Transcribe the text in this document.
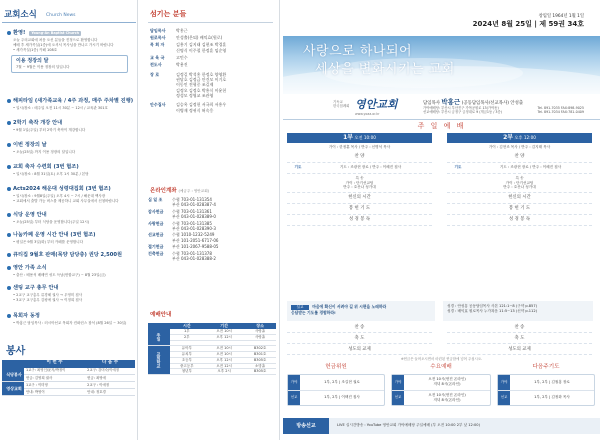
교회소식 Church News
환영! Young-An Baptist Church
오늘 주의교회에 처음 오신 분들을 진정으로 환영합니다
예배 후 새가족실(1층)에 오셔서 목사님을 만나고 가시기 바랍니다
• 새가족실(1층) 카페 108호
이용 정장의 달
7월 ~ 9월은 이용 정장의 달입니다
해피타임 (새가족교육 / 4주 과정, 매주 주차별 진행)
• 일시/장소 : 매주일 오전 11시 30분 ~ 12시 / 교육관 301호
2학기 축작 개강 안내
• 9월 1일(주일) 부터 2학기 축작이 개강합니다
이번 정장의 날
• 오늘(25일) 까지 이용 정장의 달입니다
교회 축자 수련회 (3번 협조)
• 일시/장소 : 8월 31일(토) 오후 1시 30분 / 본당
Acts2024 해운대 성령대집회 (3번 협조)
• 일시/장소 : 9월8일(주일) 오후 4시 ~ 7시 / 해운대 백사장
• 교회에서 출발 가능 버스를 제공하니 교회 사무실에서 신청바랍니다
식당 운영 안내
• 오늘(25일) 부터 식당을 운영합니다(주일 12시)
나눔카페 운영 시간 안내 (3번 협조)
• 평일은 9월 3일(화) 부터 카페를 운영합니다
큐티집 9월호 판매(목양 담당층) 권당 2,500원
영안 가족 소식
• 출산 : 배용석 배배연 성도 득남(헌합교구) ~ 8월 23일(금)
센팅 교구 총무 안내
• 2교구 교구총무 류경혜 권사 → 우영미 집사
• 3교구 교구총무 김평애 권사 → 이정희 집사
목회자 동정
• 박홍근 담임목사 : 러시아선교 목회자 컨퍼런스 참석 (8월 26일 ~ 30일)
봉사
	이 번 주	다 음 주
식당봉사	1교구: 최영인/윤자/박정이	2교구: 강미숙/이애정
	헌금: 김영희 권사	헌금: 최영애
영상교회	1교구 : 이미영	2교구 : 이애정
	안내: 박영이	안내: 정호경
섬기는 분들
담임목사	박홍근
원로목사	안성출(은퇴) 배익효(원로)
목 회 자	김흥기 김지태 김현조 박경훈
신명식 이주철 한정훈 임순영
교 육 국	고민수
전도사	박용진
장 로	김정길 박석홍 한정호 양영환
권달호 김정금 안건모 이기호
이동인 전형중 조길제
김정오 김정호 박흥식 이윤헌
정성모 정영교 조관영
안수집사	김승옥 김정헌 서국희 서흥우
이병재 정귀식 허숙웅
온라인계좌 (예금주 : 영안교회)
십 일 조	수협 703-01-131354
부산 043-01-028387-4
감사헌금	수협 703-01-131361
부산 043-01-028389-0
사랑헌금	수협 703-01-131385
부산 043-01-028390-3
선교헌금	수협 1010-1232-5249
부산 101-2051-6717-06
절기헌금	부산 101-2067-9588-05
건축헌금	수협 703-01-131378
부산 043-01-028388-2
예배안내
	시간	기간	장소
주일	1부	오전 10시	사랑홀
	2부	오후 12시	사랑홀

교회학교	유아부	오전 10시	B302호
	유치부	오전 10시	B301호
	초등부	오후 12시	B305호
	중고등부	오전 12시	소망홀
	청년부	오후 2시	B305호
창립일 1964년 1월 1일
2024년 8월 25일 | 제 59권 34호
사랑으로 하나되어
세상을 변화시키는 교회
기독교
한국침례회 영안교회
www.yoaa.or.kr
담임목사 박홍근 (공동담임목사/선교목사) 안성출
가야예배당: 부산시 부산진구 가야공원로 13(가야동)
선교예배당: 부산시 금정구 금정대로 9 (개금1동 / 3층)
Tel. 891-7035 FAX:898-9025
Tel. 891-7034 FAX:781-0409
주 일 예 배
1부 오전 10:00
가이 : 한정훈 목사 / 반주 : 신병석 목사
찬 양
기도	기도 : 조광현 장로 / 반주 : 이혜진 집사
특 송
가이 : 단기선교팀
반주 : 호산나 성가대
헌신의 시간
봉 헌 기 도
성 경 봉 독
2부 오후 12:00
가이 : 김현조 목사 / 반주 : 김지태 목사
찬 양
기도	기도 : 조광현 장로 / 반주 : 이혜진 집사
특 송
가이 : 단기선교팀
반주 : 호산나 성가대
헌신의 시간
봉 헌 기 도
성 경 봉 독
설교 마음에 확신이 서려야 길 위 시편을 노래하라
응답받는 기도를 경험하라!
성경 : 안성흥 공동담임목사 사본 121:1~8 (구약 p.857)
성경 : 배익효 원로목사 누가복음 11:5~13 (신약 p.112)
찬 송
축 도
성도의 교제
찬 송
축 도
성도의 교제
※헌금은 들어오시면서 마련된 헌금함에 넣어 주십시오.
헌금위원
가야	1부, 2부 | 조길현 권로
선교	1부, 2부 | 이택진 집사
수요예배
가야
오전 10시(헌진 온라인)
저녁 8시(온라인)
선교
오전 10시(헌진 온라인)
저녁 8시(온라인)
다음주기도
가야	1부, 2부 | 김철홍 장로
선교	1부, 2부 | 김정화 목사
방송선교	LIVE 실시간방송 : YouTube 영안교회 가야예배당 주일예배 (부 오전 10:00 2부 낮 12:00)
